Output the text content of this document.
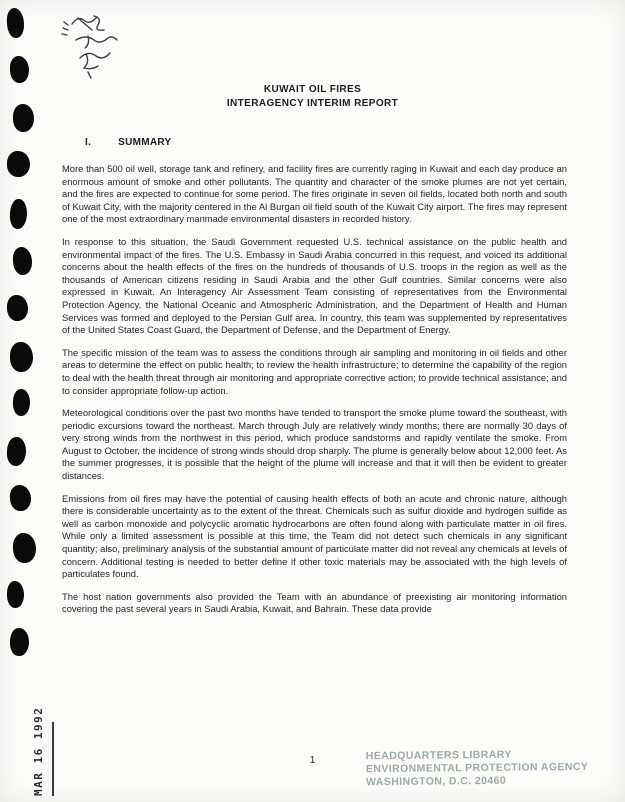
KUWAIT OIL FIRES
INTERAGENCY INTERIM REPORT
I.	SUMMARY

More than 500 oil well, storage tank and refinery, and facility fires are currently raging in Kuwait and each day produce an enormous amount of smoke and other pollutants. The quantity and character of the smoke plumes are not yet certain, and the fires are expected to continue for some period. The fires originate in seven oil fields, located both north and south of Kuwait City, with the majority centered in the Al Burgan oil field south of the Kuwait City airport. The fires may represent one of the most extraordinary manmade environmental disasters in recorded history.

In response to this situation, the Saudi Government requested U.S. technical assistance on the public health and environmental impact of the fires. The U.S. Embassy in Saudi Arabia concurred in this request, and voiced its additional concerns about the health effects of the fires on the hundreds of thousands of U.S. troops in the region as well as the thousands of American citizens residing in Saudi Arabia and the other Gulf countries. Similar concerns were also expressed in Kuwait. An Interagency Air Assessment Team consisting of representatives from the Environmental Protection Agency, the National Oceanic and Atmospheric Administration, and the Department of Health and Human Services was formed and deployed to the Persian Gulf area. In country, this team was supplemented by representatives of the United States Coast Guard, the Department of Defense, and the Department of Energy.

The specific mission of the team was to assess the conditions through air sampling and monitoring in oil fields and other areas to determine the effect on public health; to review the health infrastructure; to determine the capability of the region to deal with the health threat through air monitoring and appropriate corrective action; to provide technical assistance; and to consider appropriate follow-up action.

Meteorological conditions over the past two months have tended to transport the smoke plume toward the southeast, with periodic excursions toward the northeast. March through July are relatively windy months; there are normally 30 days of very strong winds from the northwest in this period, which produce sandstorms and rapidly ventilate the smoke. From August to October, the incidence of strong winds should drop sharply. The plume is generally below about 12,000 feet. As the summer progresses, it is possible that the height of the plume will increase and that it will then be evident to greater distances.

Emissions from oil fires may have the potential of causing health effects of both an acute and chronic nature, although there is considerable uncertainty as to the extent of the threat. Chemicals such as sulfur dioxide and hydrogen sulfide as well as carbon monoxide and polycyclic aromatic hydrocarbons are often found along with particulate matter in oil fires. While only a limited assessment is possible at this time, the Team did not detect such chemicals in any significant quantity; also, preliminary analysis of the substantial amount of particulate matter did not reveal any chemicals at levels of concern. Additional testing is needed to better define if other toxic materials may be associated with the high levels of particulates found.

The host nation governments also provided the Team with an abundance of preexisting air monitoring information covering the past several years in Saudi Arabia, Kuwait, and Bahrain. These data provide

1	HEADQUARTERS LIBRARY
ENVIRONMENTAL PROTECTION AGENCY
WASHINGTON, D.C. 20460
MAR 16 1992
